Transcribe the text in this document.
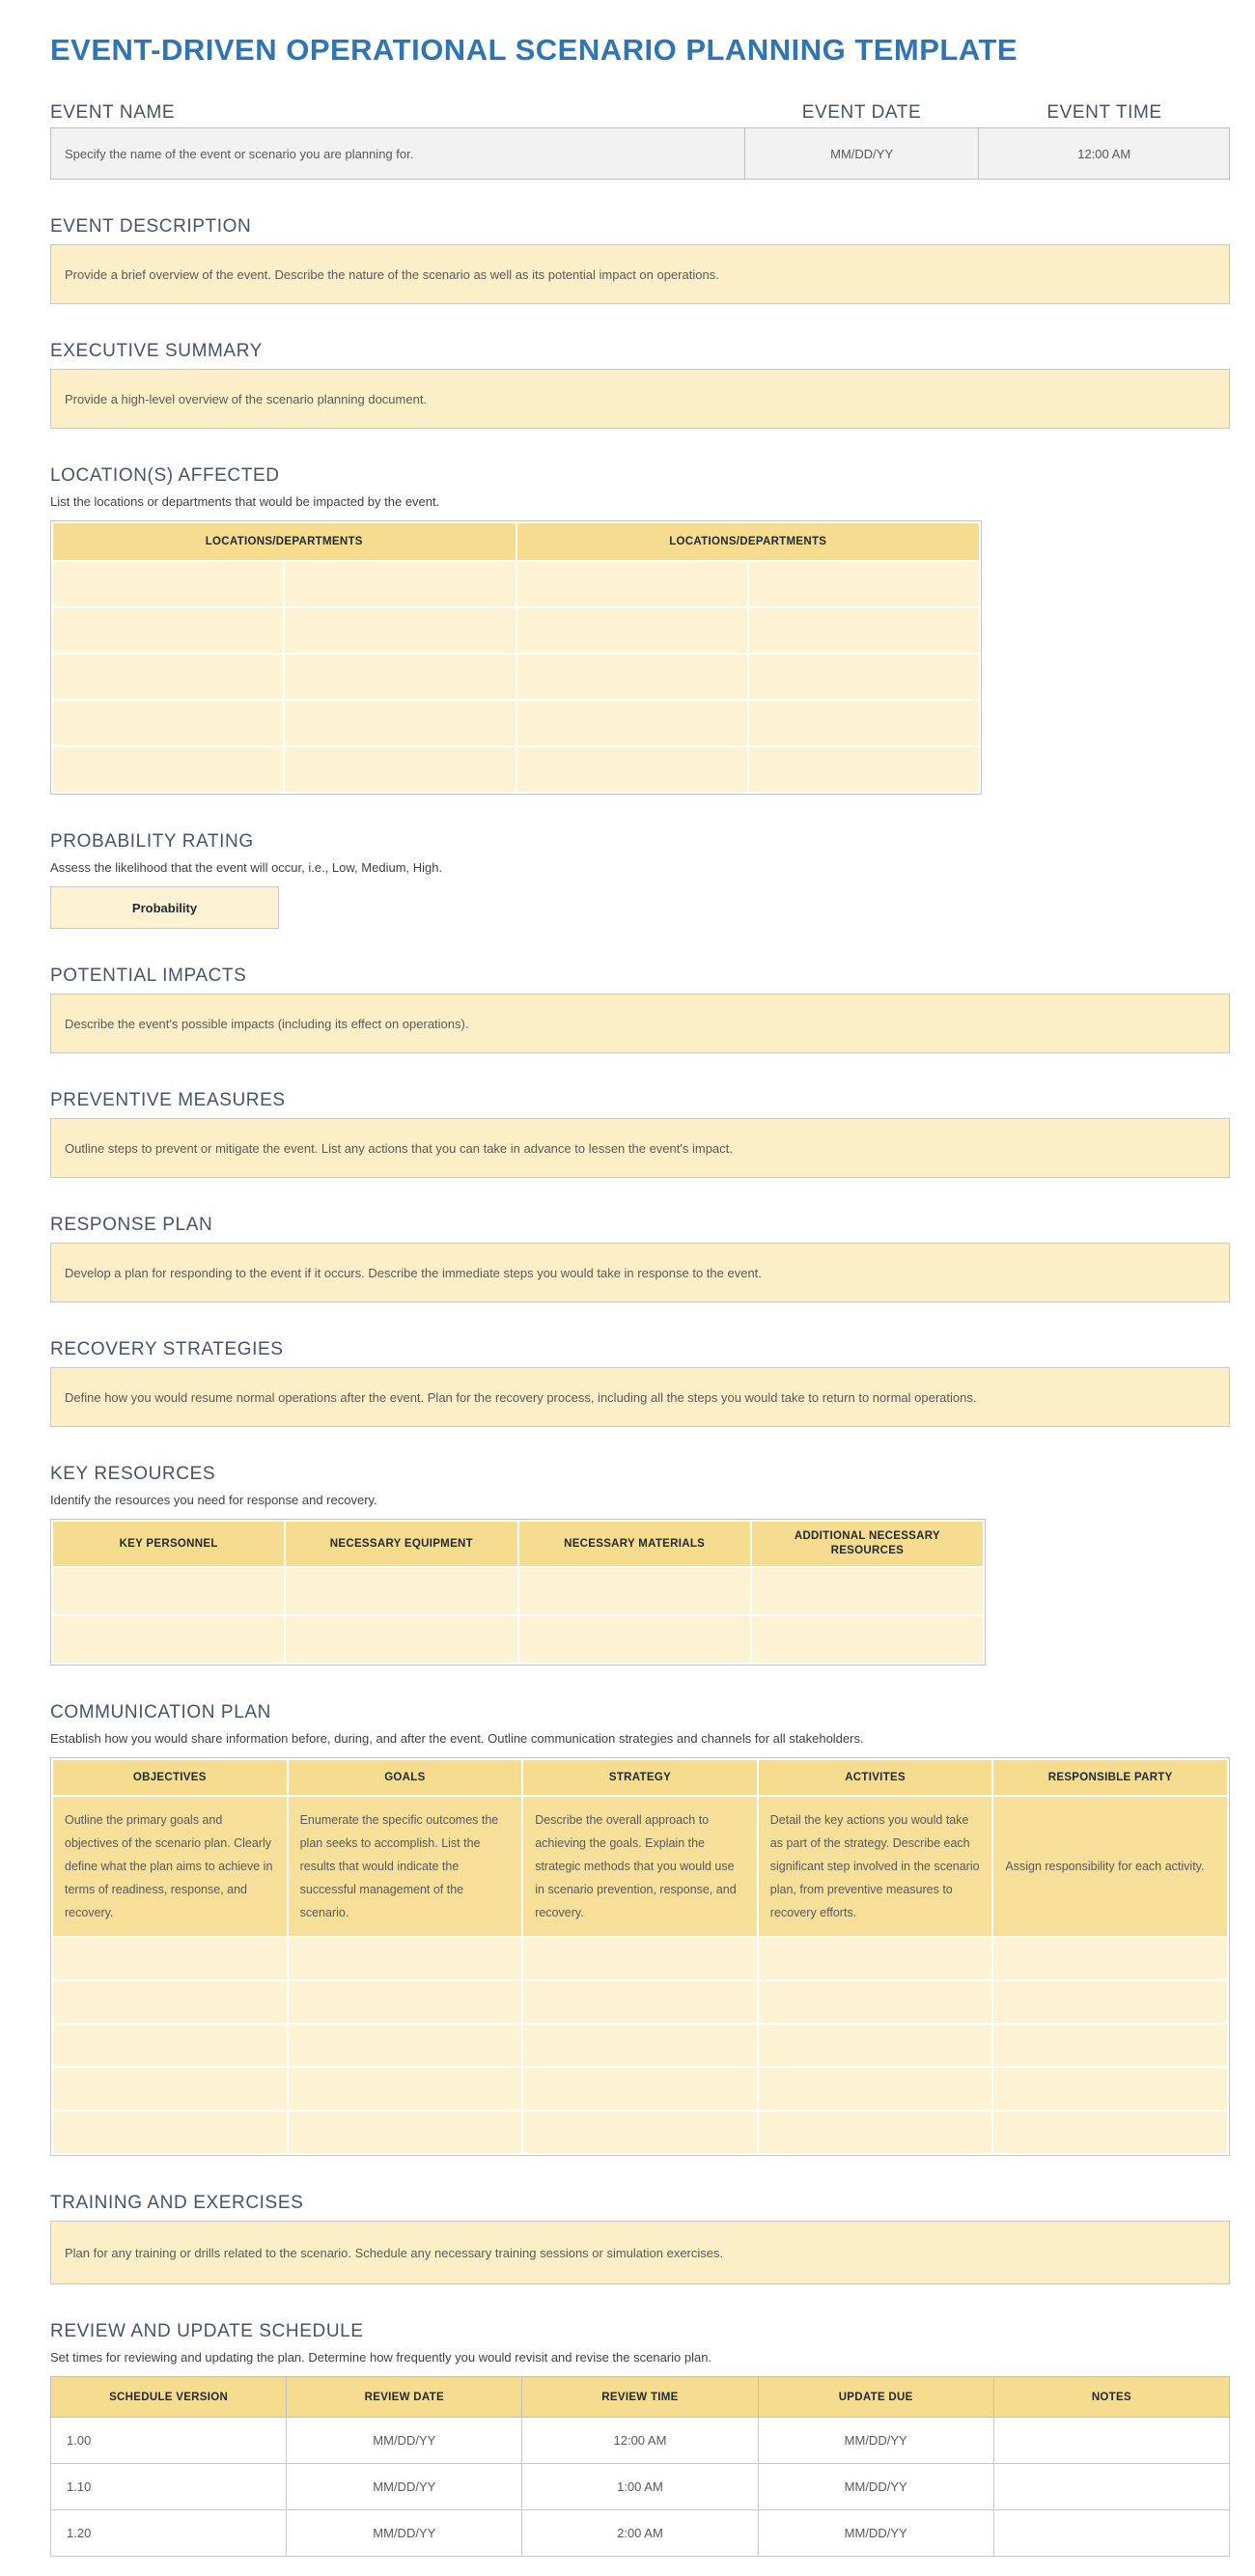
EVENT-DRIVEN OPERATIONAL SCENARIO PLANNING TEMPLATE
EVENT NAME	EVENT DATE	EVENT TIME
Specify the name of the event or scenario you are planning for.	MM/DD/YY	12:00 AM
EVENT DESCRIPTION
Provide a brief overview of the event. Describe the nature of the scenario as well as its potential impact on operations.
EXECUTIVE SUMMARY
Provide a high-level overview of the scenario planning document.
LOCATION(S) AFFECTED

List the locations or departments that would be impacted by the event.

LOCATIONS/DEPARTMENTS		LOCATIONS/DEPARTMENTS	

PROBABILITY RATING

Assess the likelihood that the event will occur, i.e., Low, Medium, High.

Probability
POTENTIAL IMPACTS
Describe the event's possible impacts (including its effect on operations).
PREVENTIVE MEASURES
Outline steps to prevent or mitigate the event. List any actions that you can take in advance to lessen the event's impact.
RESPONSE PLAN
Develop a plan for responding to the event if it occurs. Describe the immediate steps you would take in response to the event.
RECOVERY STRATEGIES
Define how you would resume normal operations after the event. Plan for the recovery process, including all the steps you would take to return to normal operations.
KEY RESOURCES

Identify the resources you need for response and recovery.

KEY PERSONNEL	NECESSARY EQUIPMENT	NECESSARY MATERIALS	ADDITIONAL NECESSARY RESOURCES

COMMUNICATION PLAN

Establish how you would share information before, during, and after the event. Outline communication strategies and channels for all stakeholders.

OBJECTIVES	GOALS	STRATEGY	ACTIVITES	RESPONSIBLE PARTY
Outline the primary goals and objectives of the scenario plan. Clearly define what the plan aims to achieve in terms of readiness, response, and recovery.	Enumerate the specific outcomes the plan seeks to accomplish. List the results that would indicate the successful management of the scenario.	Describe the overall approach to achieving the goals. Explain the strategic methods that you would use in scenario prevention, response, and recovery.	Detail the key actions you would take as part of the strategy. Describe each significant step involved in the scenario plan, from preventive measures to recovery efforts.	Assign responsibility for each activity.

TRAINING AND EXERCISES
Plan for any training or drills related to the scenario. Schedule any necessary training sessions or simulation exercises.
REVIEW AND UPDATE SCHEDULE

Set times for reviewing and updating the plan. Determine how frequently you would revisit and revise the scenario plan.

SCHEDULE VERSION	REVIEW DATE	REVIEW TIME	UPDATE DUE	NOTES
1.00	MM/DD/YY	12:00 AM	MM/DD/YY	
1.10	MM/DD/YY	1:00 AM	MM/DD/YY	
1.20	MM/DD/YY	2:00 AM	MM/DD/YY	
